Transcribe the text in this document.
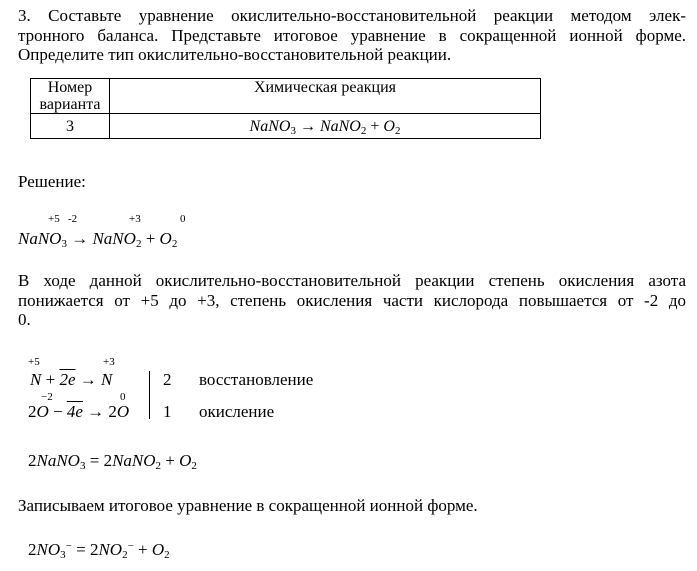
3. Составьте уравнение окислительно-восстановительной реакции методом элек-
тронного баланса. Представьте итоговое уравнение в сокращенной ионной форме.
Определите тип окислительно-восстановительной реакции.
Номер
варианта	Химическая реакция
3	NaNO$_3$ → NaNO$_2$ + $O_2$
Решение:
+5 -2	+3	0
NaNO$_3$ → NaNO$_2$ + $O_2$
В ходе данной окислительно-восстановительной реакции степень окисления азота
понижается от +5 до +3, степень окисления части кислорода повышается от -2 до
0.
+5	+3
N + 2e → N	2 восстановление
−2	0
2O − 4e → 2O 1 окисление
2NaNO$_3$ = 2NaNO$_2$ + $O_2$
Записываем итоговое уравнение в сокращенной ионной форме.
$2NO_3^- = 2NO_2^- + O_2$
